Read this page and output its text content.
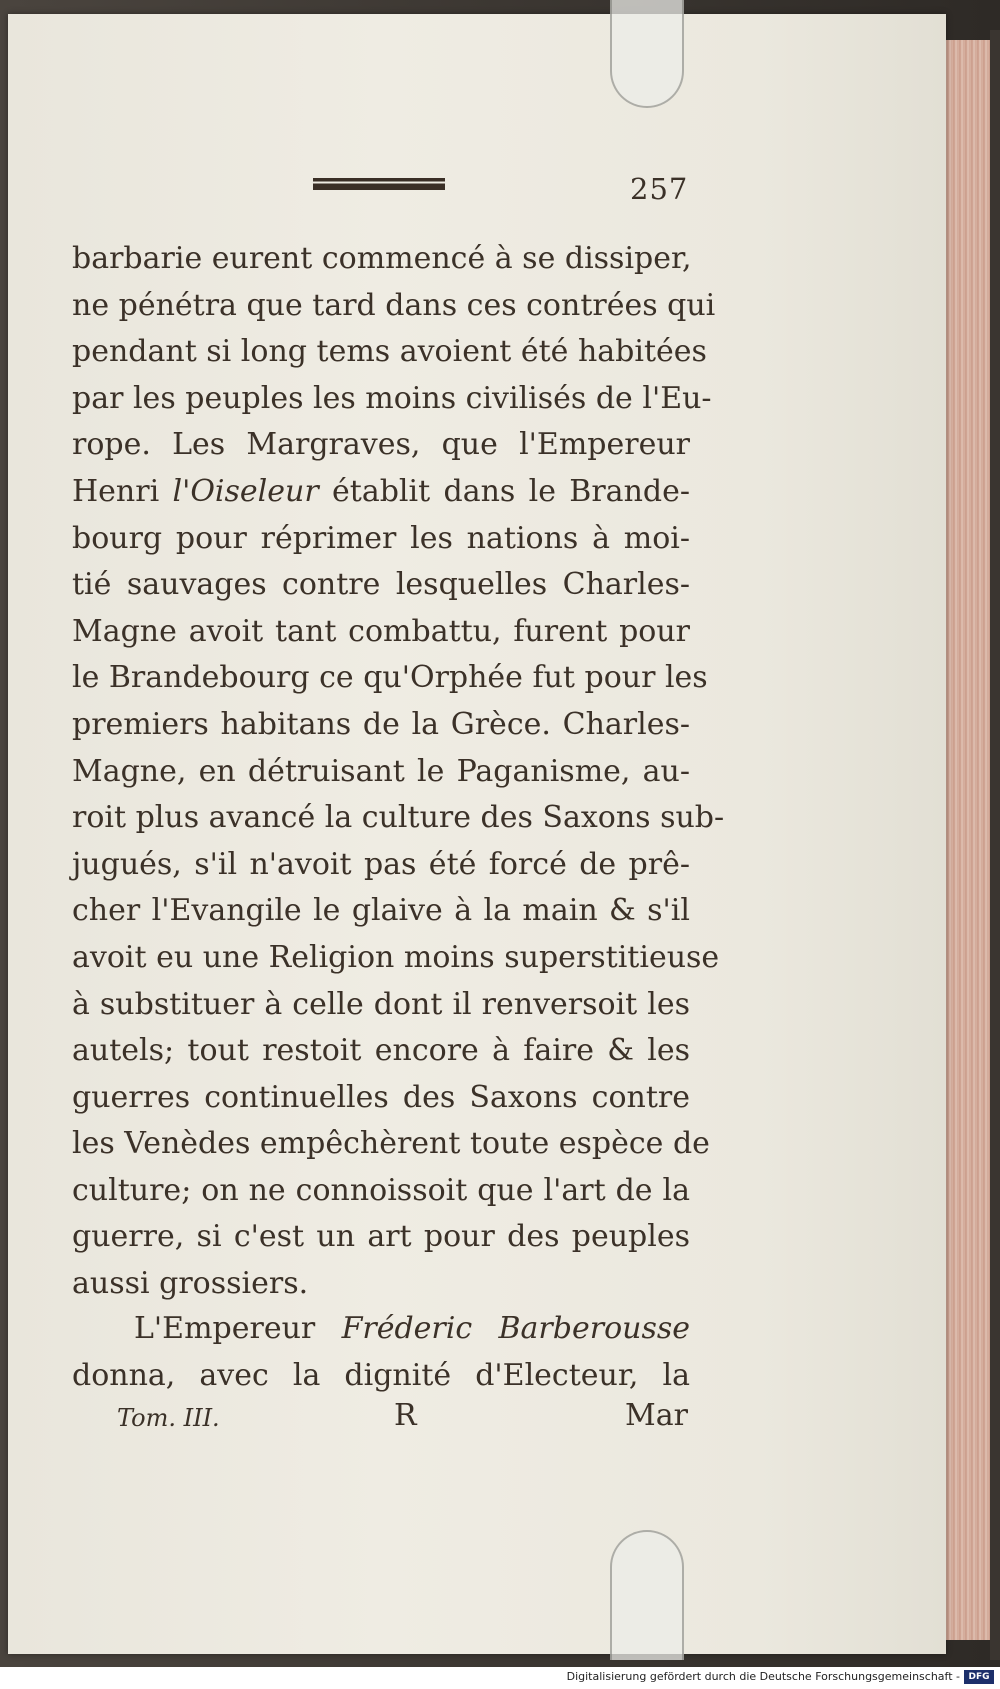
257
barbarie eurent commencé à se dissiper,
ne pénétra que tard dans ces contrées qui
pendant si long tems avoient été habitées
par les peuples les moins civilisés de l'Eu-
rope. Les Margraves, que l'Empereur
Henri l'Oiseleur établit dans le Brande-
bourg pour réprimer les nations à moi-
tié sauvages contre lesquelles Charles-
Magne avoit tant combattu, furent pour
le Brandebourg ce qu'Orphée fut pour les
premiers habitans de la Grèce. Charles-
Magne, en détruisant le Paganisme, au-
roit plus avancé la culture des Saxons sub-
jugués, s'il n'avoit pas été forcé de prê-
cher l'Evangile le glaive à la main & s'il
avoit eu une Religion moins superstitieuse
à substituer à celle dont il renversoit les
autels; tout restoit encore à faire & les
guerres continuelles des Saxons contre
les Venèdes empêchèrent toute espèce de
culture; on ne connoissoit que l'art de la
guerre, si c'est un art pour des peuples
aussi grossiers.
L'Empereur Fréderic Barberousse
donna, avec la dignité d'Electeur, la
Tom. III.	R	Mar
Digitalisierung gefördert durch die Deutsche Forschungsgemeinschaft - DFG
